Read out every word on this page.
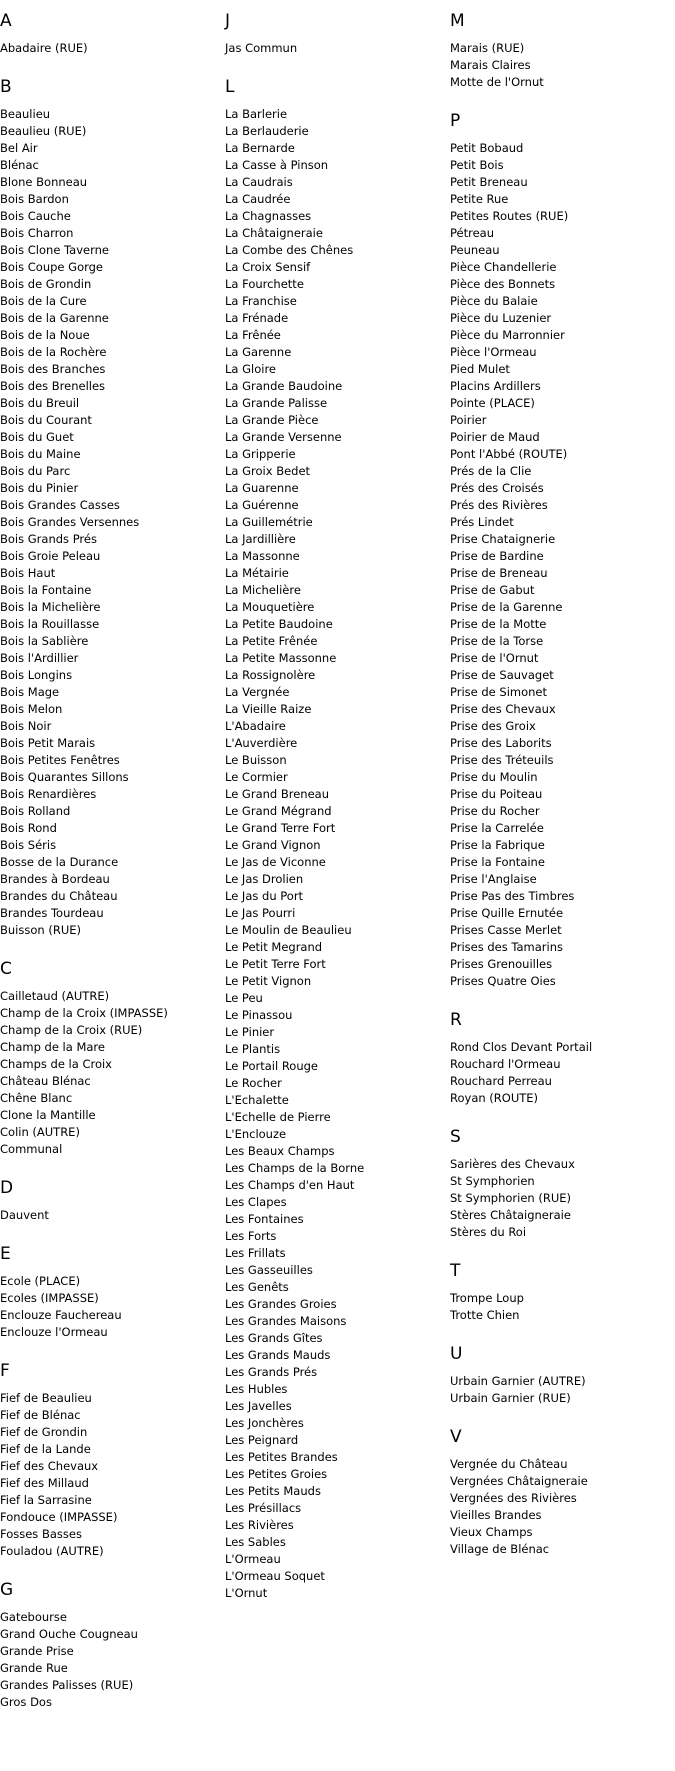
A
Abadaire (RUE)
B
Beaulieu
Beaulieu (RUE)
Bel Air
Blénac
Blone Bonneau
Bois Bardon
Bois Cauche
Bois Charron
Bois Clone Taverne
Bois Coupe Gorge
Bois de Grondin
Bois de la Cure
Bois de la Garenne
Bois de la Noue
Bois de la Rochère
Bois des Branches
Bois des Brenelles
Bois du Breuil
Bois du Courant
Bois du Guet
Bois du Maine
Bois du Parc
Bois du Pinier
Bois Grandes Casses
Bois Grandes Versennes
Bois Grands Prés
Bois Groie Peleau
Bois Haut
Bois la Fontaine
Bois la Michelière
Bois la Rouillasse
Bois la Sablière
Bois l'Ardillier
Bois Longins
Bois Mage
Bois Melon
Bois Noir
Bois Petit Marais
Bois Petites Fenêtres
Bois Quarantes Sillons
Bois Renardières
Bois Rolland
Bois Rond
Bois Séris
Bosse de la Durance
Brandes à Bordeau
Brandes du Château
Brandes Tourdeau
Buisson (RUE)
C
Cailletaud (AUTRE)
Champ de la Croix (IMPASSE)
Champ de la Croix (RUE)
Champ de la Mare
Champs de la Croix
Château Blénac
Chêne Blanc
Clone la Mantille
Colin (AUTRE)
Communal
D
Dauvent
E
Ecole (PLACE)
Ecoles (IMPASSE)
Enclouze Fauchereau
Enclouze l'Ormeau
F
Fief de Beaulieu
Fief de Blénac
Fief de Grondin
Fief de la Lande
Fief des Chevaux
Fief des Millaud
Fief la Sarrasine
Fondouce (IMPASSE)
Fosses Basses
Fouladou (AUTRE)
G
Gatebourse
Grand Ouche Cougneau
Grande Prise
Grande Rue
Grandes Palisses (RUE)
Gros Dos
J
Jas Commun
L
La Barlerie
La Berlauderie
La Bernarde
La Casse à Pinson
La Caudrais
La Caudrée
La Chagnasses
La Châtaigneraie
La Combe des Chênes
La Croix Sensif
La Fourchette
La Franchise
La Frénade
La Frênée
La Garenne
La Gloire
La Grande Baudoine
La Grande Palisse
La Grande Pièce
La Grande Versenne
La Gripperie
La Groix Bedet
La Guarenne
La Guérenne
La Guillemétrie
La Jardillière
La Massonne
La Métairie
La Michelière
La Mouquetière
La Petite Baudoine
La Petite Frênée
La Petite Massonne
La Rossignolère
La Vergnée
La Vieille Raize
L'Abadaire
L'Auverdière
Le Buisson
Le Cormier
Le Grand Breneau
Le Grand Mégrand
Le Grand Terre Fort
Le Grand Vignon
Le Jas de Viconne
Le Jas Drolien
Le Jas du Port
Le Jas Pourri
Le Moulin de Beaulieu
Le Petit Megrand
Le Petit Terre Fort
Le Petit Vignon
Le Peu
Le Pinassou
Le Pinier
Le Plantis
Le Portail Rouge
Le Rocher
L'Echalette
L'Echelle de Pierre
L'Enclouze
Les Beaux Champs
Les Champs de la Borne
Les Champs d'en Haut
Les Clapes
Les Fontaines
Les Forts
Les Frillats
Les Gasseuilles
Les Genêts
Les Grandes Groies
Les Grandes Maisons
Les Grands Gîtes
Les Grands Mauds
Les Grands Prés
Les Hubles
Les Javelles
Les Jonchères
Les Peignard
Les Petites Brandes
Les Petites Groies
Les Petits Mauds
Les Présillacs
Les Rivières
Les Sables
L'Ormeau
L'Ormeau Soquet
L'Ornut
M
Marais (RUE)
Marais Claires
Motte de l'Ornut
P
Petit Bobaud
Petit Bois
Petit Breneau
Petite Rue
Petites Routes (RUE)
Pétreau
Peuneau
Pièce Chandellerie
Pièce des Bonnets
Pièce du Balaie
Pièce du Luzenier
Pièce du Marronnier
Pièce l'Ormeau
Pied Mulet
Placins Ardillers
Pointe (PLACE)
Poirier
Poirier de Maud
Pont l'Abbé (ROUTE)
Prés de la Clie
Prés des Croisés
Prés des Rivières
Prés Lindet
Prise Chataignerie
Prise de Bardine
Prise de Breneau
Prise de Gabut
Prise de la Garenne
Prise de la Motte
Prise de la Torse
Prise de l'Ornut
Prise de Sauvaget
Prise de Simonet
Prise des Chevaux
Prise des Groix
Prise des Laborits
Prise des Tréteuils
Prise du Moulin
Prise du Poiteau
Prise du Rocher
Prise la Carrelée
Prise la Fabrique
Prise la Fontaine
Prise l'Anglaise
Prise Pas des Timbres
Prise Quille Ernutée
Prises Casse Merlet
Prises des Tamarins
Prises Grenouilles
Prises Quatre Oies
R
Rond Clos Devant Portail
Rouchard l'Ormeau
Rouchard Perreau
Royan (ROUTE)
S
Sarières des Chevaux
St Symphorien
St Symphorien (RUE)
Stères Châtaigneraie
Stères du Roi
T
Trompe Loup
Trotte Chien
U
Urbain Garnier (AUTRE)
Urbain Garnier (RUE)
V
Vergnée du Château
Vergnées Châtaigneraie
Vergnées des Rivières
Vieilles Brandes
Vieux Champs
Village de Blénac
